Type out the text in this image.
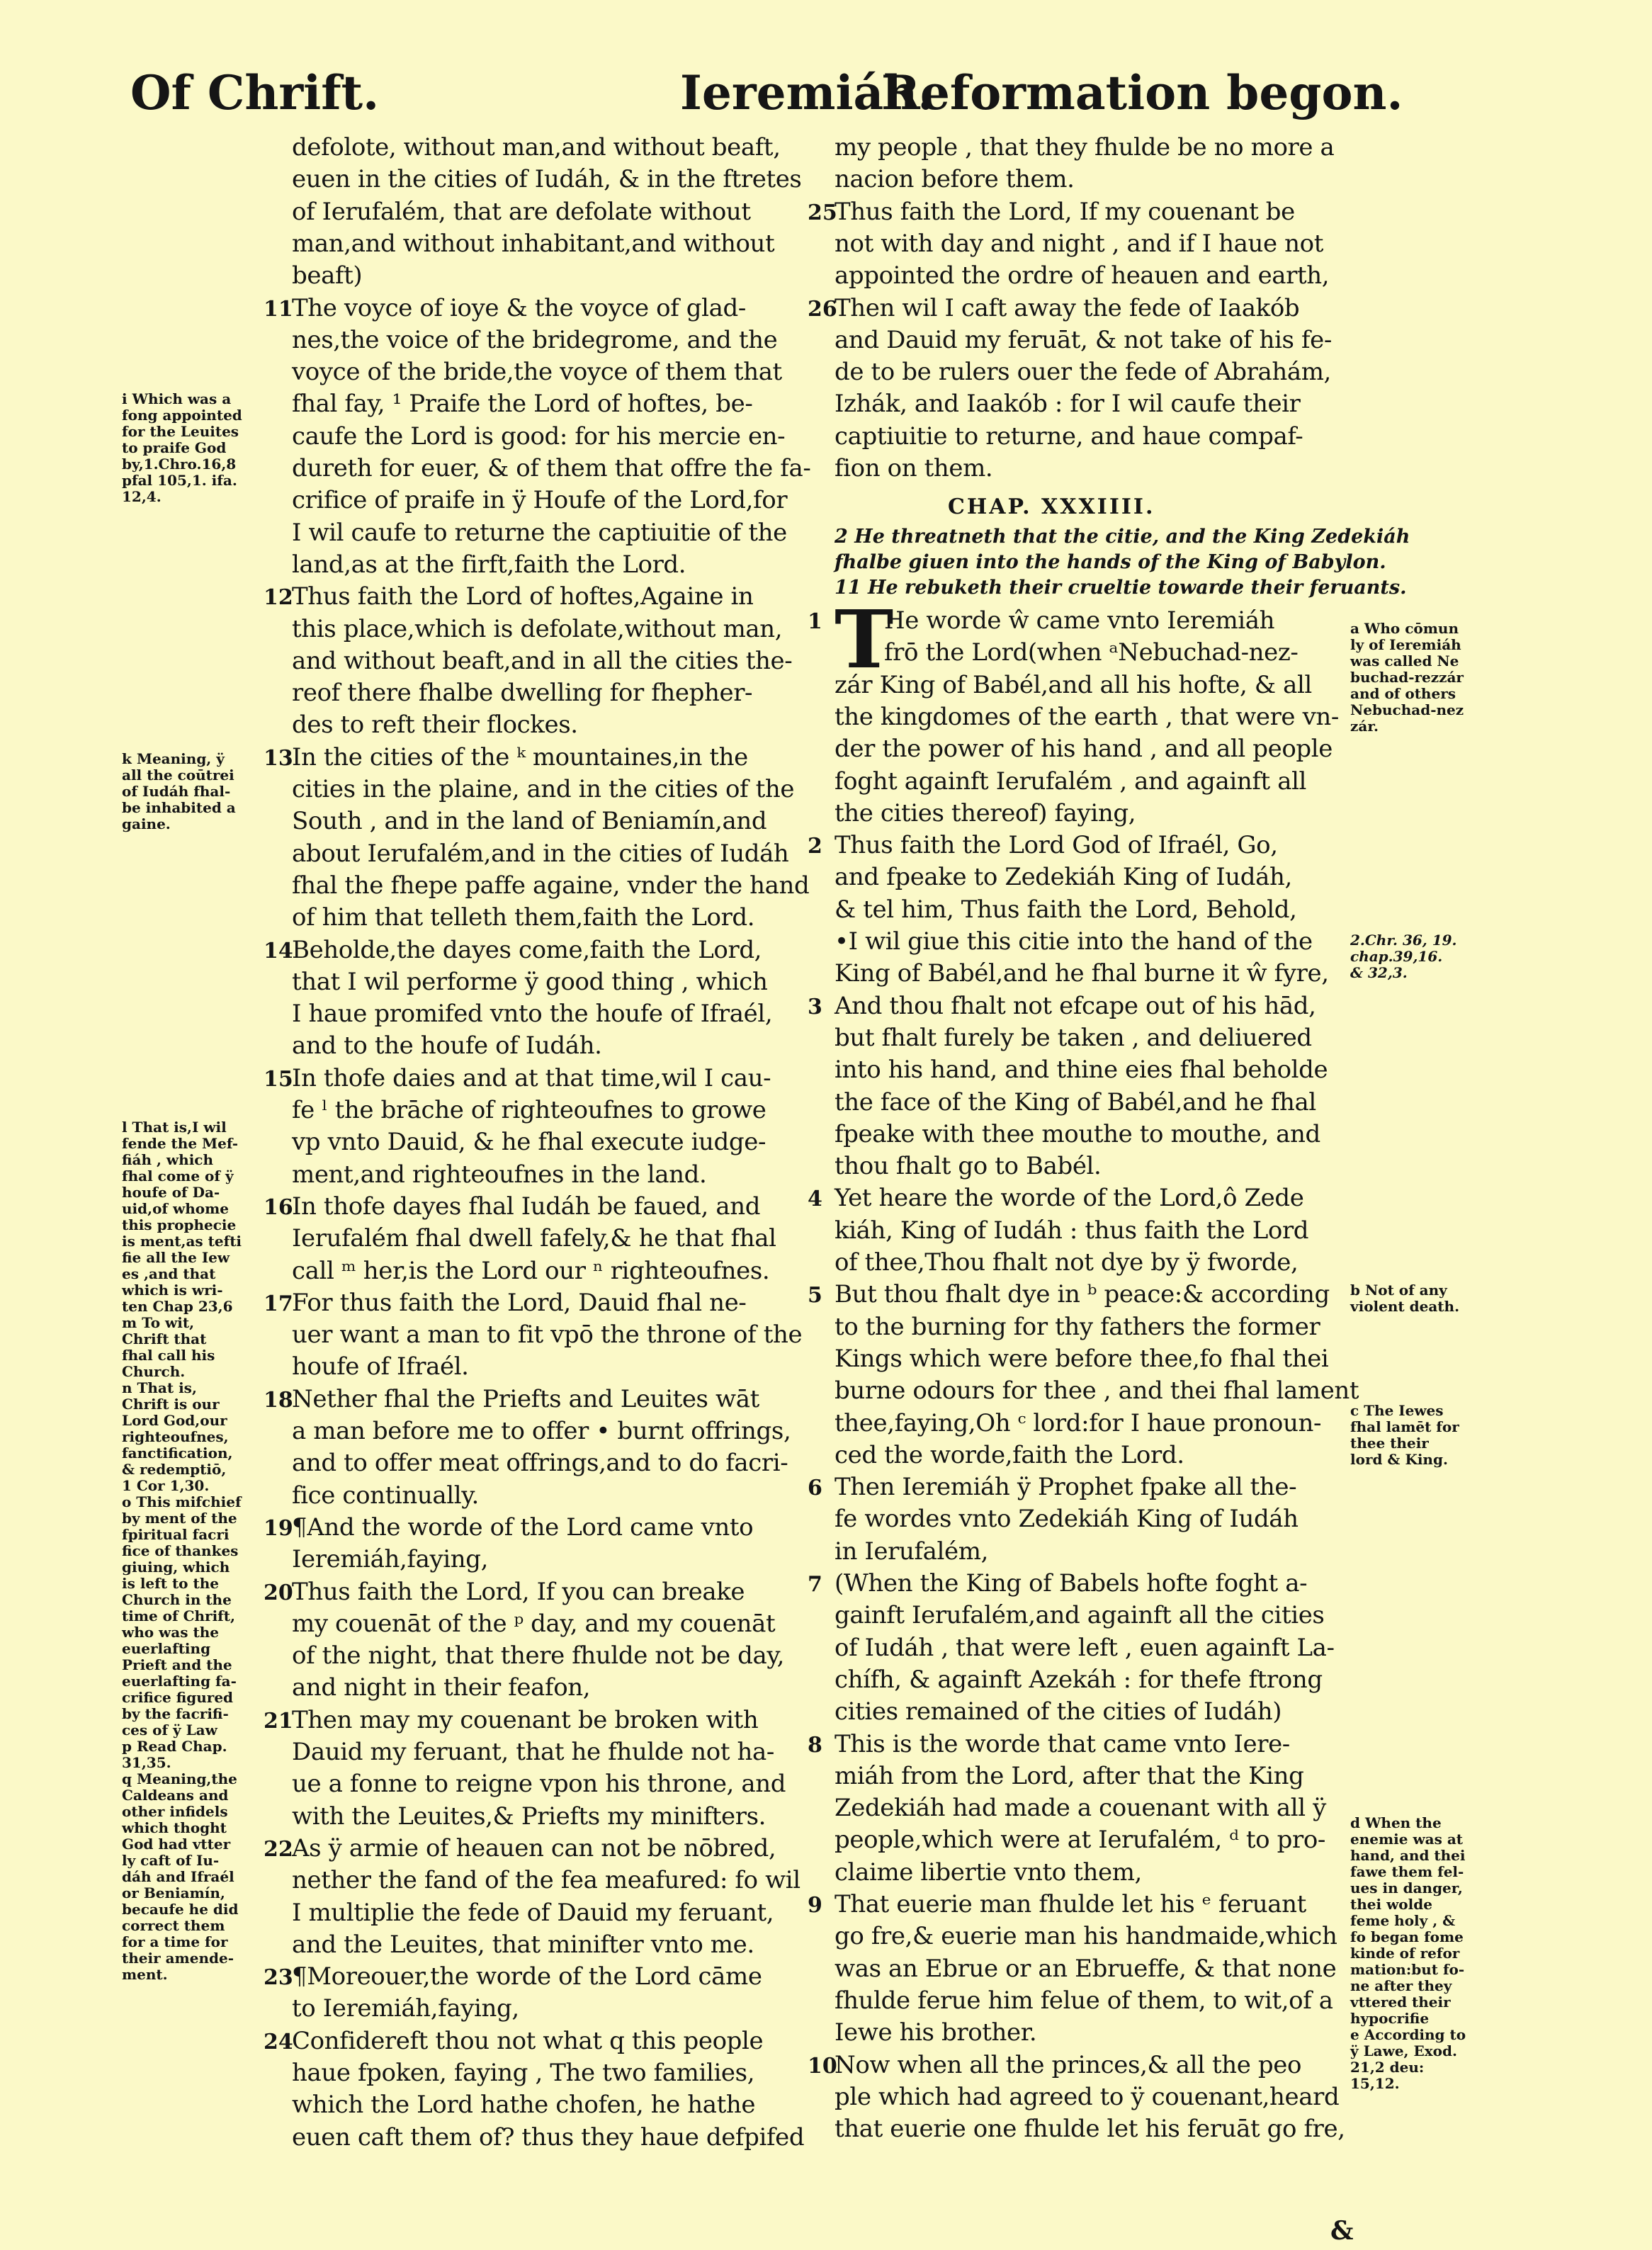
Of Chrift.	Ieremiáh.
Reformation begon.
i Which was a
fong appointed
for the Leuites
to praife God
by,1.Chro.16,8
pfal 105,1. ifa.
12,4.
k Meaning, ÿ
all the coūtrei
of Iudáh fhal-
be inhabited a
gaine.
l That is,I wil
fende the Mef-
fiáh , which
fhal come of ÿ
houfe of Da-
uid,of whome
this prophecie
is ment,as tefti
fie all the Iew
es ,and that
which is wri-
ten Chap 23,6
m To wit,
Chrift that
fhal call his
Church.
n That is,
Chrift is our
Lord God,our
righteoufnes,
fanctification,
& redemptiō,
1 Cor 1,30.
o This mifchief
by ment of the
fpiritual facri
fice of thankes
giuing, which
is left to the
Church in the
time of Chrift,
who was the
euerlafting
Prieft and the
euerlafting fa-
crifice figured
by the facrifi-
ces of ÿ Law
p Read Chap.
31,35.
q Meaning,the
Caldeans and
other infidels
which thoght
God had vtter
ly caft of Iu-
dáh and Ifraél
or Beniamín,
becaufe he did
correct them
for a time for
their amende-
ment.
defolote, without man,and without beaft,
euen in the cities of Iudáh, & in the ftretes
of Ierufalém, that are defolate without
man,and without inhabitant,and without
beaft)
11
The voyce of ioye & the voyce of glad-
nes,the voice of the bridegrome, and the
voyce of the bride,the voyce of them that
fhal fay, ¹ Praife the Lord of hoftes, be-
caufe the Lord is good: for his mercie en-
dureth for euer, & of them that offre the fa-
crifice of praife in ÿ Houfe of the Lord,for
I wil caufe to returne the captiuitie of the
land,as at the firft,faith the Lord.
12
Thus faith the Lord of hoftes,Againe in
this place,which is defolate,without man,
and without beaft,and in all the cities the-
reof there fhalbe dwelling for fhepher-
des to reft their flockes.
13
In the cities of the ᵏ mountaines,in the
cities in the plaine, and in the cities of the
South , and in the land of Beniamín,and
about Ierufalém,and in the cities of Iudáh
fhal the fhepe paffe againe, vnder the hand
of him that telleth them,faith the Lord.
14
Beholde,the dayes come,faith the Lord,
that I wil performe ÿ good thing , which
I haue promifed vnto the houfe of Ifraél,
and to the houfe of Iudáh.
15
In thofe daies and at that time,wil I cau-
fe ˡ the brāche of righteoufnes to growe
vp vnto Dauid, & he fhal execute iudge-
ment,and righteoufnes in the land.
16
In thofe dayes fhal Iudáh be faued, and
Ierufalém fhal dwell fafely,& he that fhal
call ᵐ her,is the Lord our ⁿ righteoufnes.
17
For thus faith the Lord, Dauid fhal ne-
uer want a man to fit vpō the throne of the
houfe of Ifraél.
18
Nether fhal the Priefts and Leuites wāt
a man before me to offer • burnt offrings,
and to offer meat offrings,and to do facri-
fice continually.
19
¶And the worde of the Lord came vnto
Ieremiáh,faying,
20
Thus faith the Lord, If you can breake
my couenāt of the ᵖ day, and my couenāt
of the night, that there fhulde not be day,
and night in their feafon,
21
Then may my couenant be broken with
Dauid my feruant, that he fhulde not ha-
ue a fonne to reigne vpon his throne, and
with the Leuites,& Priefts my minifters.
22
As ÿ armie of heauen can not be nōbred,
nether the fand of the fea meafured: fo wil
I multiplie the fede of Dauid my feruant,
and the Leuites, that minifter vnto me.
23
¶Moreouer,the worde of the Lord cāme
to Ieremiáh,faying,
24
Confidereft thou not what q this people
haue fpoken, faying , The two families,
which the Lord hathe chofen, he hathe
euen caft them of? thus they haue defpifed
my people , that they fhulde be no more a
nacion before them.
25
Thus faith the Lord, If my couenant be
not with day and night , and if I haue not
appointed the ordre of heauen and earth,
26
Then wil I caft away the fede of Iaakób
and Dauid my feruāt, & not take of his fe-
de to be rulers ouer the fede of Abrahám,
Izhák, and Iaakób : for I wil caufe their
captiuitie to returne, and haue compaf-
fion on them.
CHAP. XXXIIII.
2 He threatneth that the citie, and the King Zedekiáh
fhalbe giuen into the hands of the King of Babylon.
11 He rebuketh their crueltie towarde their feruants.
T
1	He worde ŵ came vnto Ieremiáh
frō the Lord(when ᵃNebuchad-nez-
zár King of Babél,and all his hofte, & all
the kingdomes of the earth , that were vn-
der the power of his hand , and all people
foght againft Ierufalém , and againft all
the cities thereof) faying,
2 Thus faith the Lord God of Ifraél, Go,
and fpeake to Zedekiáh King of Iudáh,
& tel him, Thus faith the Lord, Behold,
•I wil giue this citie into the hand of the
King of Babél,and he fhal burne it ŵ fyre,
3 And thou fhalt not efcape out of his hād,
but fhalt furely be taken , and deliuered
into his hand, and thine eies fhal beholde
the face of the King of Babél,and he fhal
fpeake with thee mouthe to mouthe, and
thou fhalt go to Babél.
4 Yet heare the worde of the Lord,ô Zede
kiáh, King of Iudáh : thus faith the Lord
of thee,Thou fhalt not dye by ÿ fworde,
5 But thou fhalt dye in ᵇ peace:& according
to the burning for thy fathers the former
Kings which were before thee,fo fhal thei
burne odours for thee , and thei fhal lament
thee,faying,Oh ᶜ lord:for I haue pronoun-
ced the worde,faith the Lord.
6 Then Ieremiáh ÿ Prophet fpake all the-
fe wordes vnto Zedekiáh King of Iudáh
in Ierufalém,
7 (When the King of Babels hofte foght a-
gainft Ierufalém,and againft all the cities
of Iudáh , that were left , euen againft La-
chífh, & againft Azekáh : for thefe ftrong
cities remained of the cities of Iudáh)
8 This is the worde that came vnto Iere-
miáh from the Lord, after that the King
Zedekiáh had made a couenant with all ÿ
people,which were at Ierufalém, ᵈ to pro-
claime libertie vnto them,
9 That euerie man fhulde let his ᵉ feruant
go fre,& euerie man his handmaide,which
was an Ebrue or an Ebrueffe, & that none
fhulde ferue him felue of them, to wit,of a
Iewe his brother.
10
Now when all the princes,& all the peo
ple which had agreed to ÿ couenant,heard
that euerie one fhulde let his feruāt go fre,
a Who cōmun
ly of Ieremiáh
was called Ne
buchad-rezzár
and of others
Nebuchad-nez
zár.
2.Chr. 36, 19.
chap.39,16.
& 32,3.
b Not of any
violent death.
c The Iewes
fhal lamēt for
thee their
lord & King.
d When the
enemie was at
hand, and thei
fawe them fel-
ues in danger,
thei wolde
feme holy , &
fo began fome
kinde of refor
mation:but fo-
ne after they
vttered their
hypocrifie
e According to
ÿ Lawe, Exod.
21,2 deu: 15,12.
&
